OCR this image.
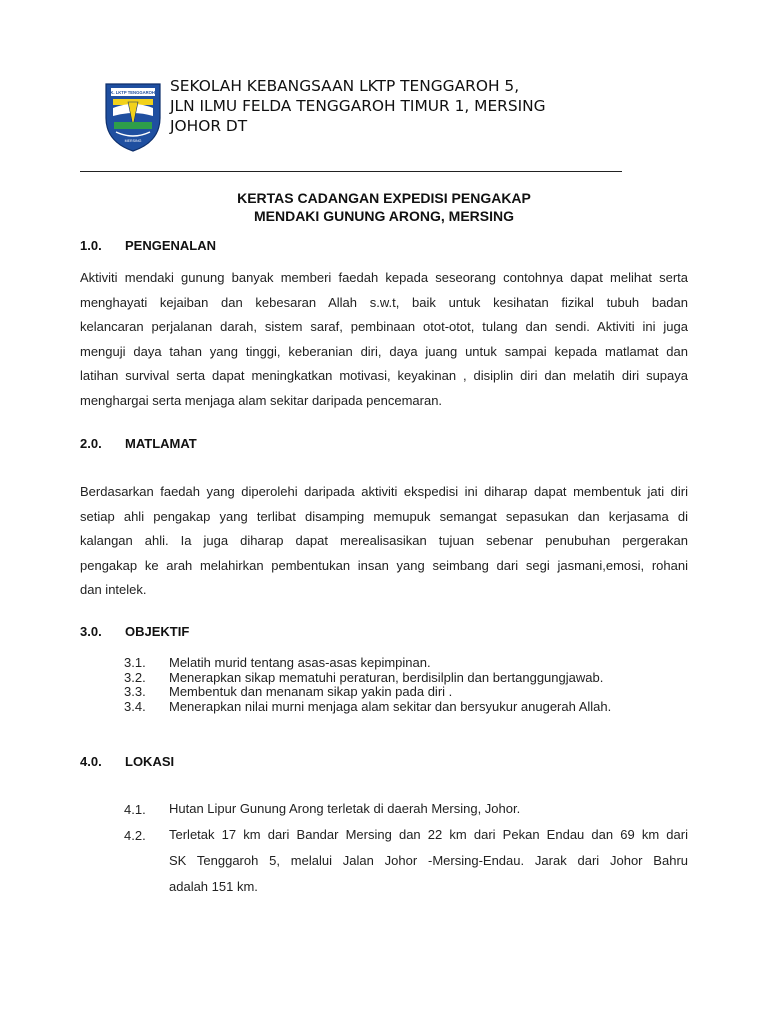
SK. LKTP TENGGAROH 5
MERSING
SEKOLAH KEBANGSAAN LKTP TENGGAROH 5,
JLN ILMU FELDA TENGGAROH TIMUR 1, MERSING
JOHOR DT
KERTAS CADANGAN EXPEDISI PENGAKAP
MENDAKI GUNUNG ARONG, MERSING
1.0. PENGENALAN
Aktiviti mendaki gunung banyak memberi faedah kepada seseorang contohnya dapat melihat serta
menghayati kejaiban dan kebesaran Allah s.w.t, baik untuk kesihatan fizikal tubuh badan
kelancaran perjalanan darah, sistem saraf, pembinaan otot-otot, tulang dan sendi. Aktiviti ini juga
menguji daya tahan yang tinggi, keberanian diri, daya juang untuk sampai kepada matlamat dan
latihan survival serta dapat meningkatkan motivasi, keyakinan , disiplin diri dan melatih diri supaya
menghargai serta menjaga alam sekitar daripada pencemaran.
2.0. MATLAMAT
Berdasarkan faedah yang diperolehi daripada aktiviti ekspedisi ini diharap dapat membentuk jati diri
setiap ahli pengakap yang terlibat disamping memupuk semangat sepasukan dan kerjasama di
kalangan ahli. Ia juga diharap dapat merealisasikan tujuan sebenar penubuhan pergerakan
pengakap ke arah melahirkan pembentukan insan yang seimbang dari segi jasmani,emosi, rohani
dan intelek.
3.0. OBJEKTIF
3.1. Melatih murid tentang asas-asas kepimpinan.
3.2. Menerapkan sikap mematuhi peraturan, berdisilplin dan bertanggungjawab.
3.3. Membentuk dan menanam sikap yakin pada diri .
3.4. Menerapkan nilai murni menjaga alam sekitar dan bersyukur anugerah Allah.
4.0. LOKASI
4.1. Hutan Lipur Gunung Arong terletak di daerah Mersing, Johor.
4.2. Terletak 17 km dari Bandar Mersing dan 22 km dari Pekan Endau dan 69 km dari
SK Tenggaroh 5, melalui Jalan Johor -Mersing-Endau. Jarak dari Johor Bahru
adalah 151 km.
